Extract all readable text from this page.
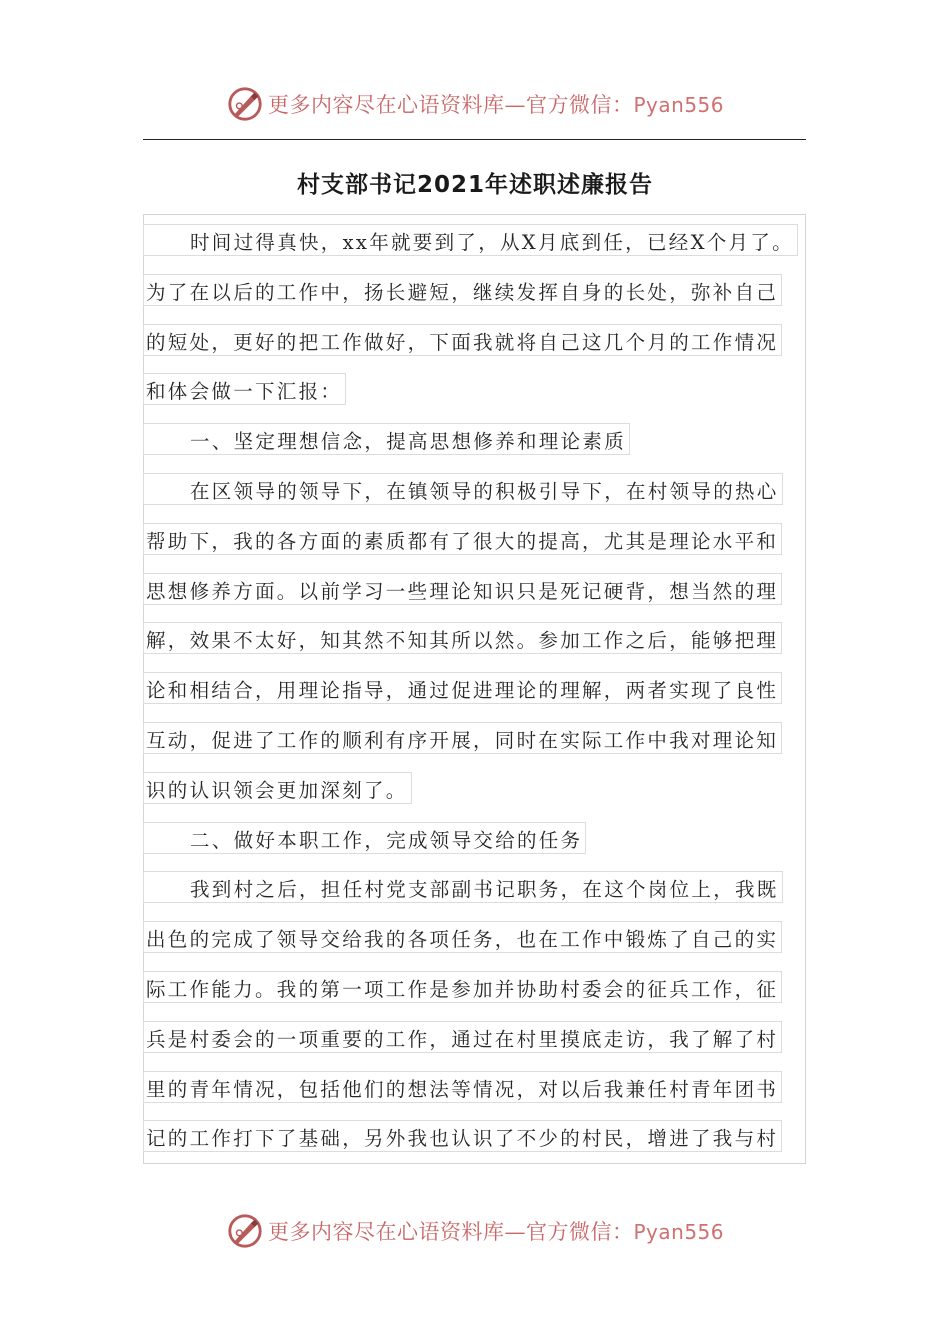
更多内容尽在心语资料库—官方微信：Pyan556
村支部书记2021年述职述廉报告
时间过得真快，xx年就要到了，从X月底到任，已经X个月了。
为了在以后的工作中，扬长避短，继续发挥自身的长处，弥补自己
的短处，更好的把工作做好，下面我就将自己这几个月的工作情况
和体会做一下汇报：
一、坚定理想信念，提高思想修养和理论素质
在区领导的领导下，在镇领导的积极引导下，在村领导的热心
帮助下，我的各方面的素质都有了很大的提高，尤其是理论水平和
思想修养方面。以前学习一些理论知识只是死记硬背，想当然的理
解，效果不太好，知其然不知其所以然。参加工作之后，能够把理
论和相结合，用理论指导，通过促进理论的理解，两者实现了良性
互动，促进了工作的顺利有序开展，同时在实际工作中我对理论知
识的认识领会更加深刻了。
二、做好本职工作，完成领导交给的任务
我到村之后，担任村党支部副书记职务，在这个岗位上，我既
出色的完成了领导交给我的各项任务，也在工作中锻炼了自己的实
际工作能力。我的第一项工作是参加并协助村委会的征兵工作，征
兵是村委会的一项重要的工作，通过在村里摸底走访，我了解了村
里的青年情况，包括他们的想法等情况，对以后我兼任村青年团书
记的工作打下了基础，另外我也认识了不少的村民，增进了我与村
更多内容尽在心语资料库—官方微信：Pyan556
